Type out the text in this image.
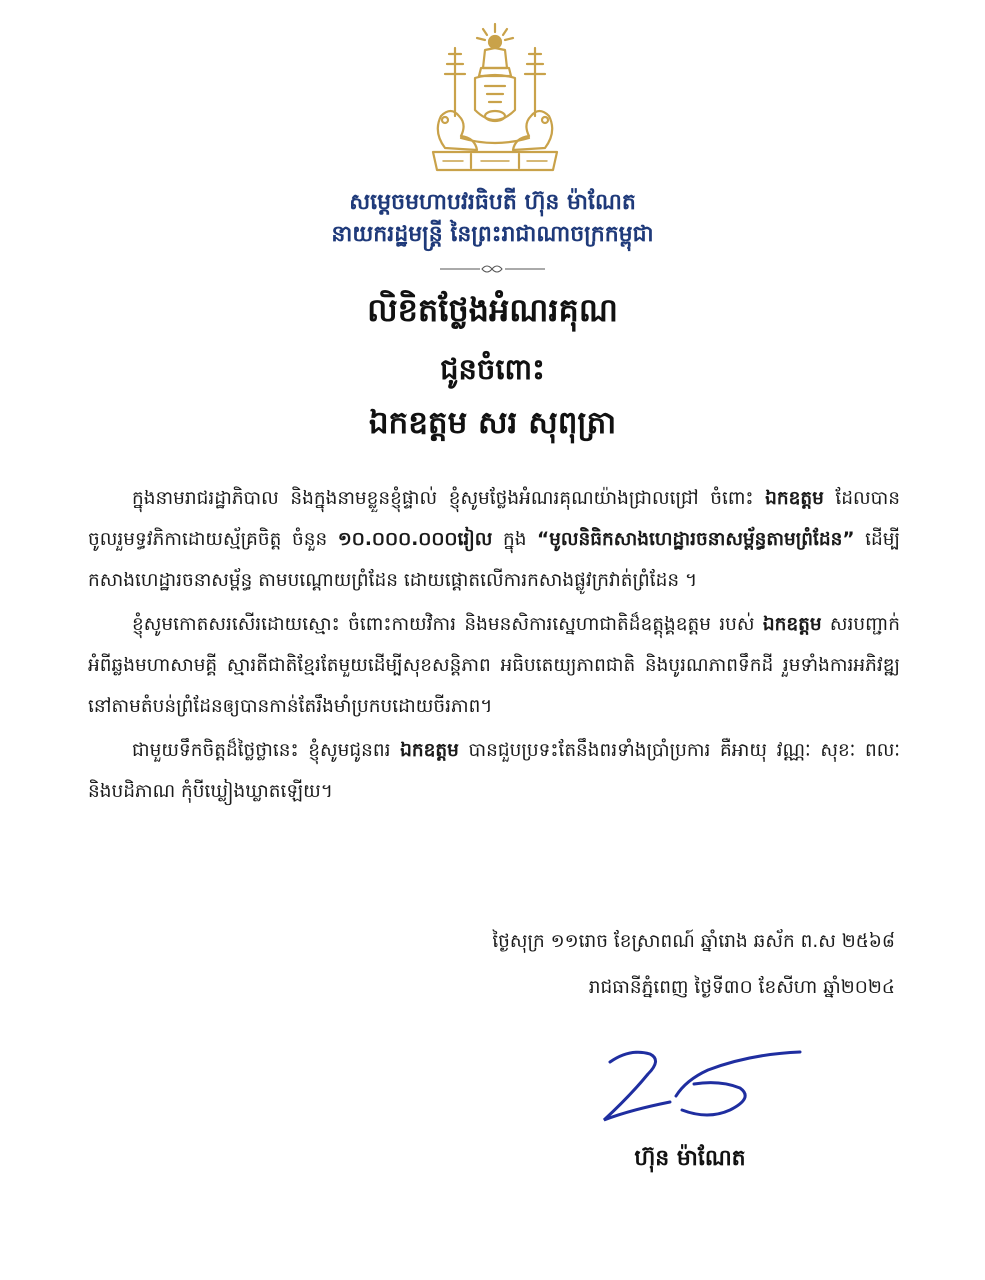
សម្តេចមហាបវរធិបតី ហ៊ុន ម៉ាណែត
នាយករដ្ឋមន្ត្រី នៃព្រះរាជាណាចក្រកម្ពុជា
លិខិតថ្លែងអំណរគុណ
ជូនចំពោះ
ឯកឧត្តម សរ សុពុត្រា

ក្នុងនាមរាជរដ្ឋាភិបាល និងក្នុងនាមខ្លួនខ្ញុំផ្ទាល់ ខ្ញុំសូមថ្លែងអំណរគុណយ៉ាងជ្រាលជ្រៅ ចំពោះ ឯកឧត្តម ដែលបានចូលរួមទ្ធវភិកាដោយស្ម័គ្រចិត្ត ចំនួន ១០.០០០.០០០រៀល ក្នុង “មូលនិធិកសាងហេដ្ឋារចនាសម្ព័ន្ធតាមព្រំដែន” ដើម្បីកសាងហេដ្ឋារចនាសម្ព័ន្ធ តាមបណ្តោយព្រំដែន ដោយផ្តោតលើការកសាងផ្លូវក្រវាត់ព្រំដែន ។

ខ្ញុំសូមកោតសរសើរដោយស្មោះ ចំពោះកាយវិការ និងមនសិការស្នេហាជាតិដ៏ឧត្តុង្គឧត្តម របស់ ឯកឧត្តម សរបញ្ជាក់អំពីឆ្លងមហាសាមគ្គី ស្មារតីជាតិខ្មែរតែមួយដើម្បីសុខសន្តិភាព អធិបតេយ្យភាពជាតិ និងបូរណភាពទឹកដី រួមទាំងការអភិវឌ្ឍនៅតាមតំបន់ព្រំដែនឲ្យបានកាន់តែរឹងមាំប្រកបដោយចីរភាព។

ជាមួយទឹកចិត្តដ៏ថ្លៃថ្លានេះ ខ្ញុំសូមជូនពរ ឯកឧត្តម បានជួបប្រទះតែនឹងពរទាំងប្រាំប្រការ គឺអាយុ វណ្ណៈ សុខៈ ពលៈ និងបដិភាណ កុំបីឃ្លៀងឃ្លាតឡើយ។

ថ្ងៃសុក្រ ១១រោច ខែស្រាពណ៍ ឆ្នាំរោង ឆស័ក ព.ស ២៥៦៨
រាជធានីភ្នំពេញ ថ្ងៃទី៣០ ខែសីហា ឆ្នាំ២០២៤
ហ៊ុន ម៉ាណែត
